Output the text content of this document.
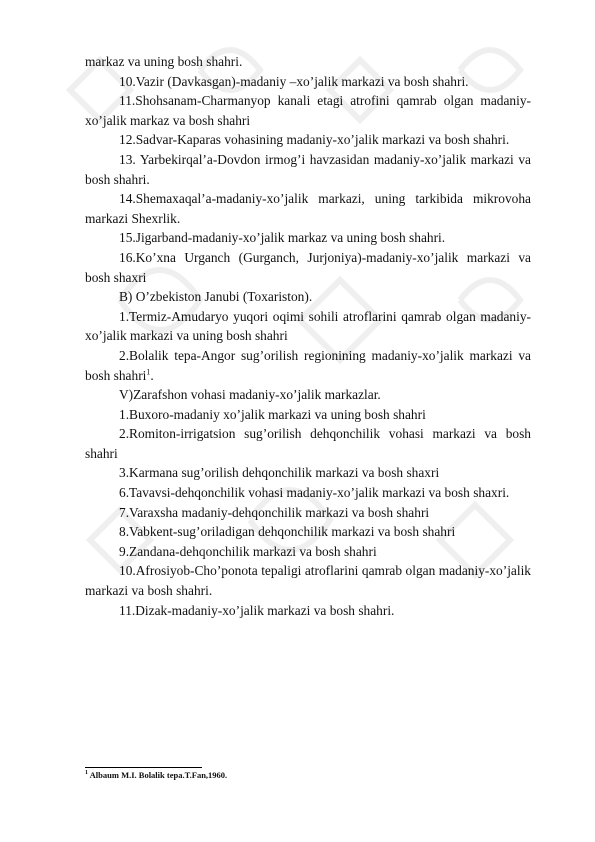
markaz va uning bosh shahri.

10.Vazir (Davkasgan)-madaniy –xo’jalik markazi va bosh shahri.

11.Shohsanam-Charmanyop kanali etagi atrofini qamrab olgan madaniy-xo’jalik markaz va bosh shahri

12.Sadvar-Kaparas vohasining madaniy-xo’jalik markazi va bosh shahri.

13. Yarbekirqal’a-Dovdon irmog’i havzasidan madaniy-xo’jalik markazi va bosh shahri.

14.Shemaxaqal’a-madaniy-xo’jalik markazi, uning tarkibida mikrovoha markazi Shexrlik.

15.Jigarband-madaniy-xo’jalik markaz va uning bosh shahri.

16.Ko’xna Urganch (Gurganch, Jurjoniya)-madaniy-xo’jalik markazi va bosh shaxri

B) O’zbekiston Janubi (Toxariston).

1.Termiz-Amudaryo yuqori oqimi sohili atroflarini qamrab olgan madaniy-xo’jalik markazi va uning bosh shahri

2.Bolalik tepa-Angor sug’orilish regionining madaniy-xo’jalik markazi va bosh shahri$^1$.

V)Zarafshon vohasi madaniy-xo’jalik markazlar.

1.Buxoro-madaniy xo’jalik markazi va uning bosh shahri

2.Romiton-irrigatsion sug’orilish dehqonchilik vohasi markazi va bosh shahri

3.Karmana sug’orilish dehqonchilik markazi va bosh shaxri

6.Tavavsi-dehqonchilik vohasi madaniy-xo’jalik markazi va bosh shaxri.

7.Varaxsha madaniy-dehqonchilik markazi va bosh shahri

8.Vabkent-sug’oriladigan dehqonchilik markazi va bosh shahri

9.Zandana-dehqonchilik markazi va bosh shahri

10.Afrosiyob-Cho’ponota tepaligi atroflarini qamrab olgan madaniy-xo’jalik markazi va bosh shahri.

11.Dizak-madaniy-xo’jalik markazi va bosh shahri.

$^1$ Albaum M.I. Bolalik tepa.T.Fan,1960.
